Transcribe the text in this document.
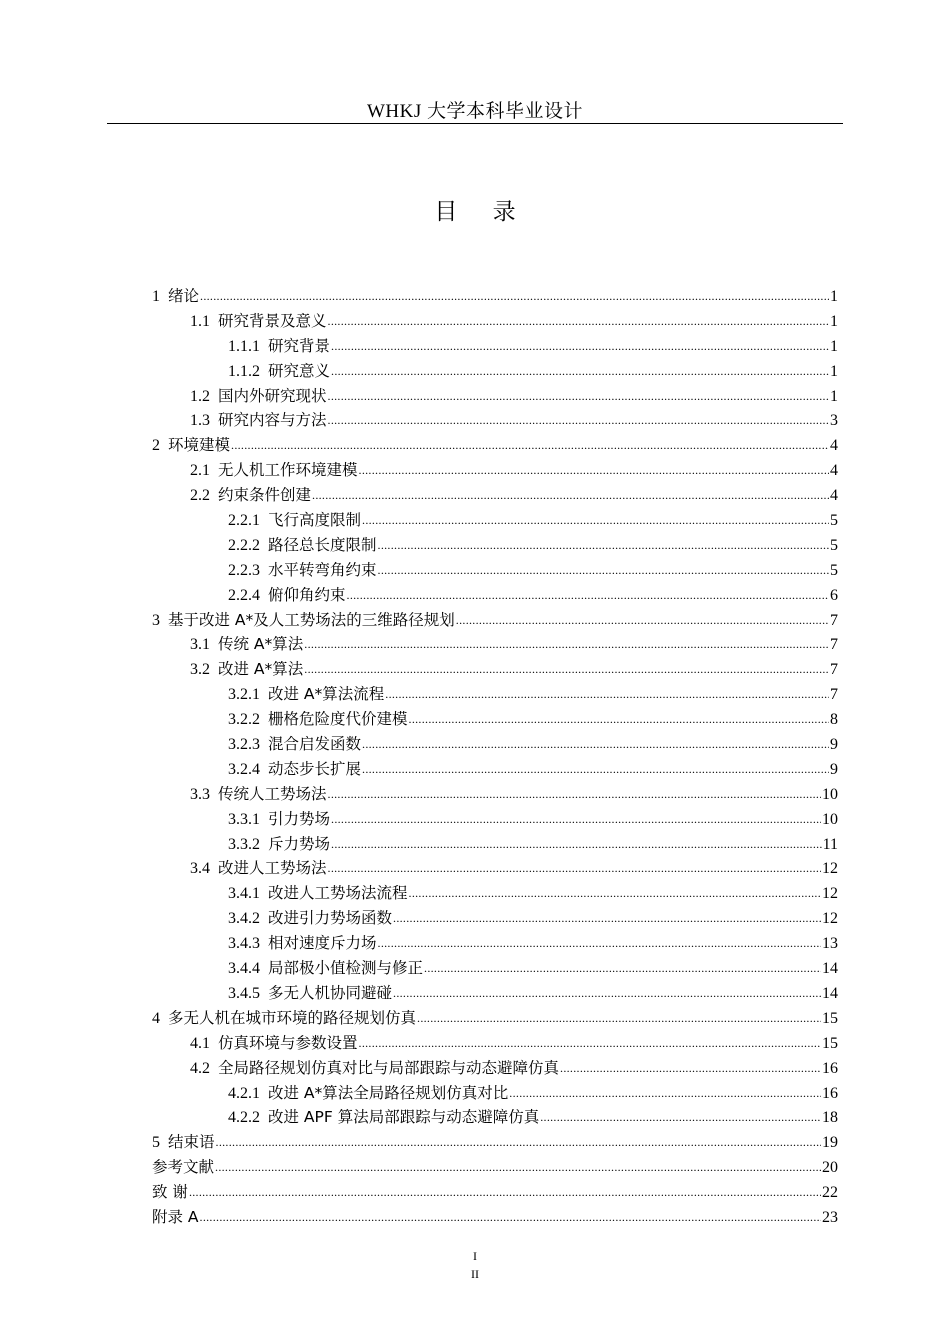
WHKJ 大学本科毕业设计
目 录
1 绪论 .....	1
1.1 研究背景及意义 .....	1
1.1.1 研究背景 .....	1
1.1.2 研究意义 .....	1
1.2 国内外研究现状 .....	1
1.3 研究内容与方法 .....	3
2 环境建模 .....	4
2.1 无人机工作环境建模 .....	4
2.2 约束条件创建 .....	4
2.2.1 飞行高度限制 .....	5
2.2.2 路径总长度限制 .....	5
2.2.3 水平转弯角约束 .....	5
2.2.4 俯仰角约束 .....	6
3 基于改进 A*及人工势场法的三维路径规划 .....	7
3.1 传统 A*算法 .....	7
3.2 改进 A*算法 .....	7
3.2.1 改进 A*算法流程 .....	7
3.2.2 栅格危险度代价建模 .....	8
3.2.3 混合启发函数 .....	9
3.2.4 动态步长扩展 .....	9
3.3 传统人工势场法 .....	10
3.3.1 引力势场 .....	10
3.3.2 斥力势场 .....	11
3.4 改进人工势场法 .....	12
3.4.1 改进人工势场法流程 .....	12
3.4.2 改进引力势场函数 .....	12
3.4.3 相对速度斥力场 .....	13
3.4.4 局部极小值检测与修正 .....	14
3.4.5 多无人机协同避碰 .....	14
4 多无人机在城市环境的路径规划仿真 .....	15
4.1 仿真环境与参数设置 .....	15
4.2 全局路径规划仿真对比与局部跟踪与动态避障仿真 .....	16
4.2.1 改进 A*算法全局路径规划仿真对比 .....	16
4.2.2 改进 APF 算法局部跟踪与动态避障仿真 .....	18
5 结束语 .....	19
参考文献 .....	20
致 谢 .....	22
附录 A .....	23
I
II
